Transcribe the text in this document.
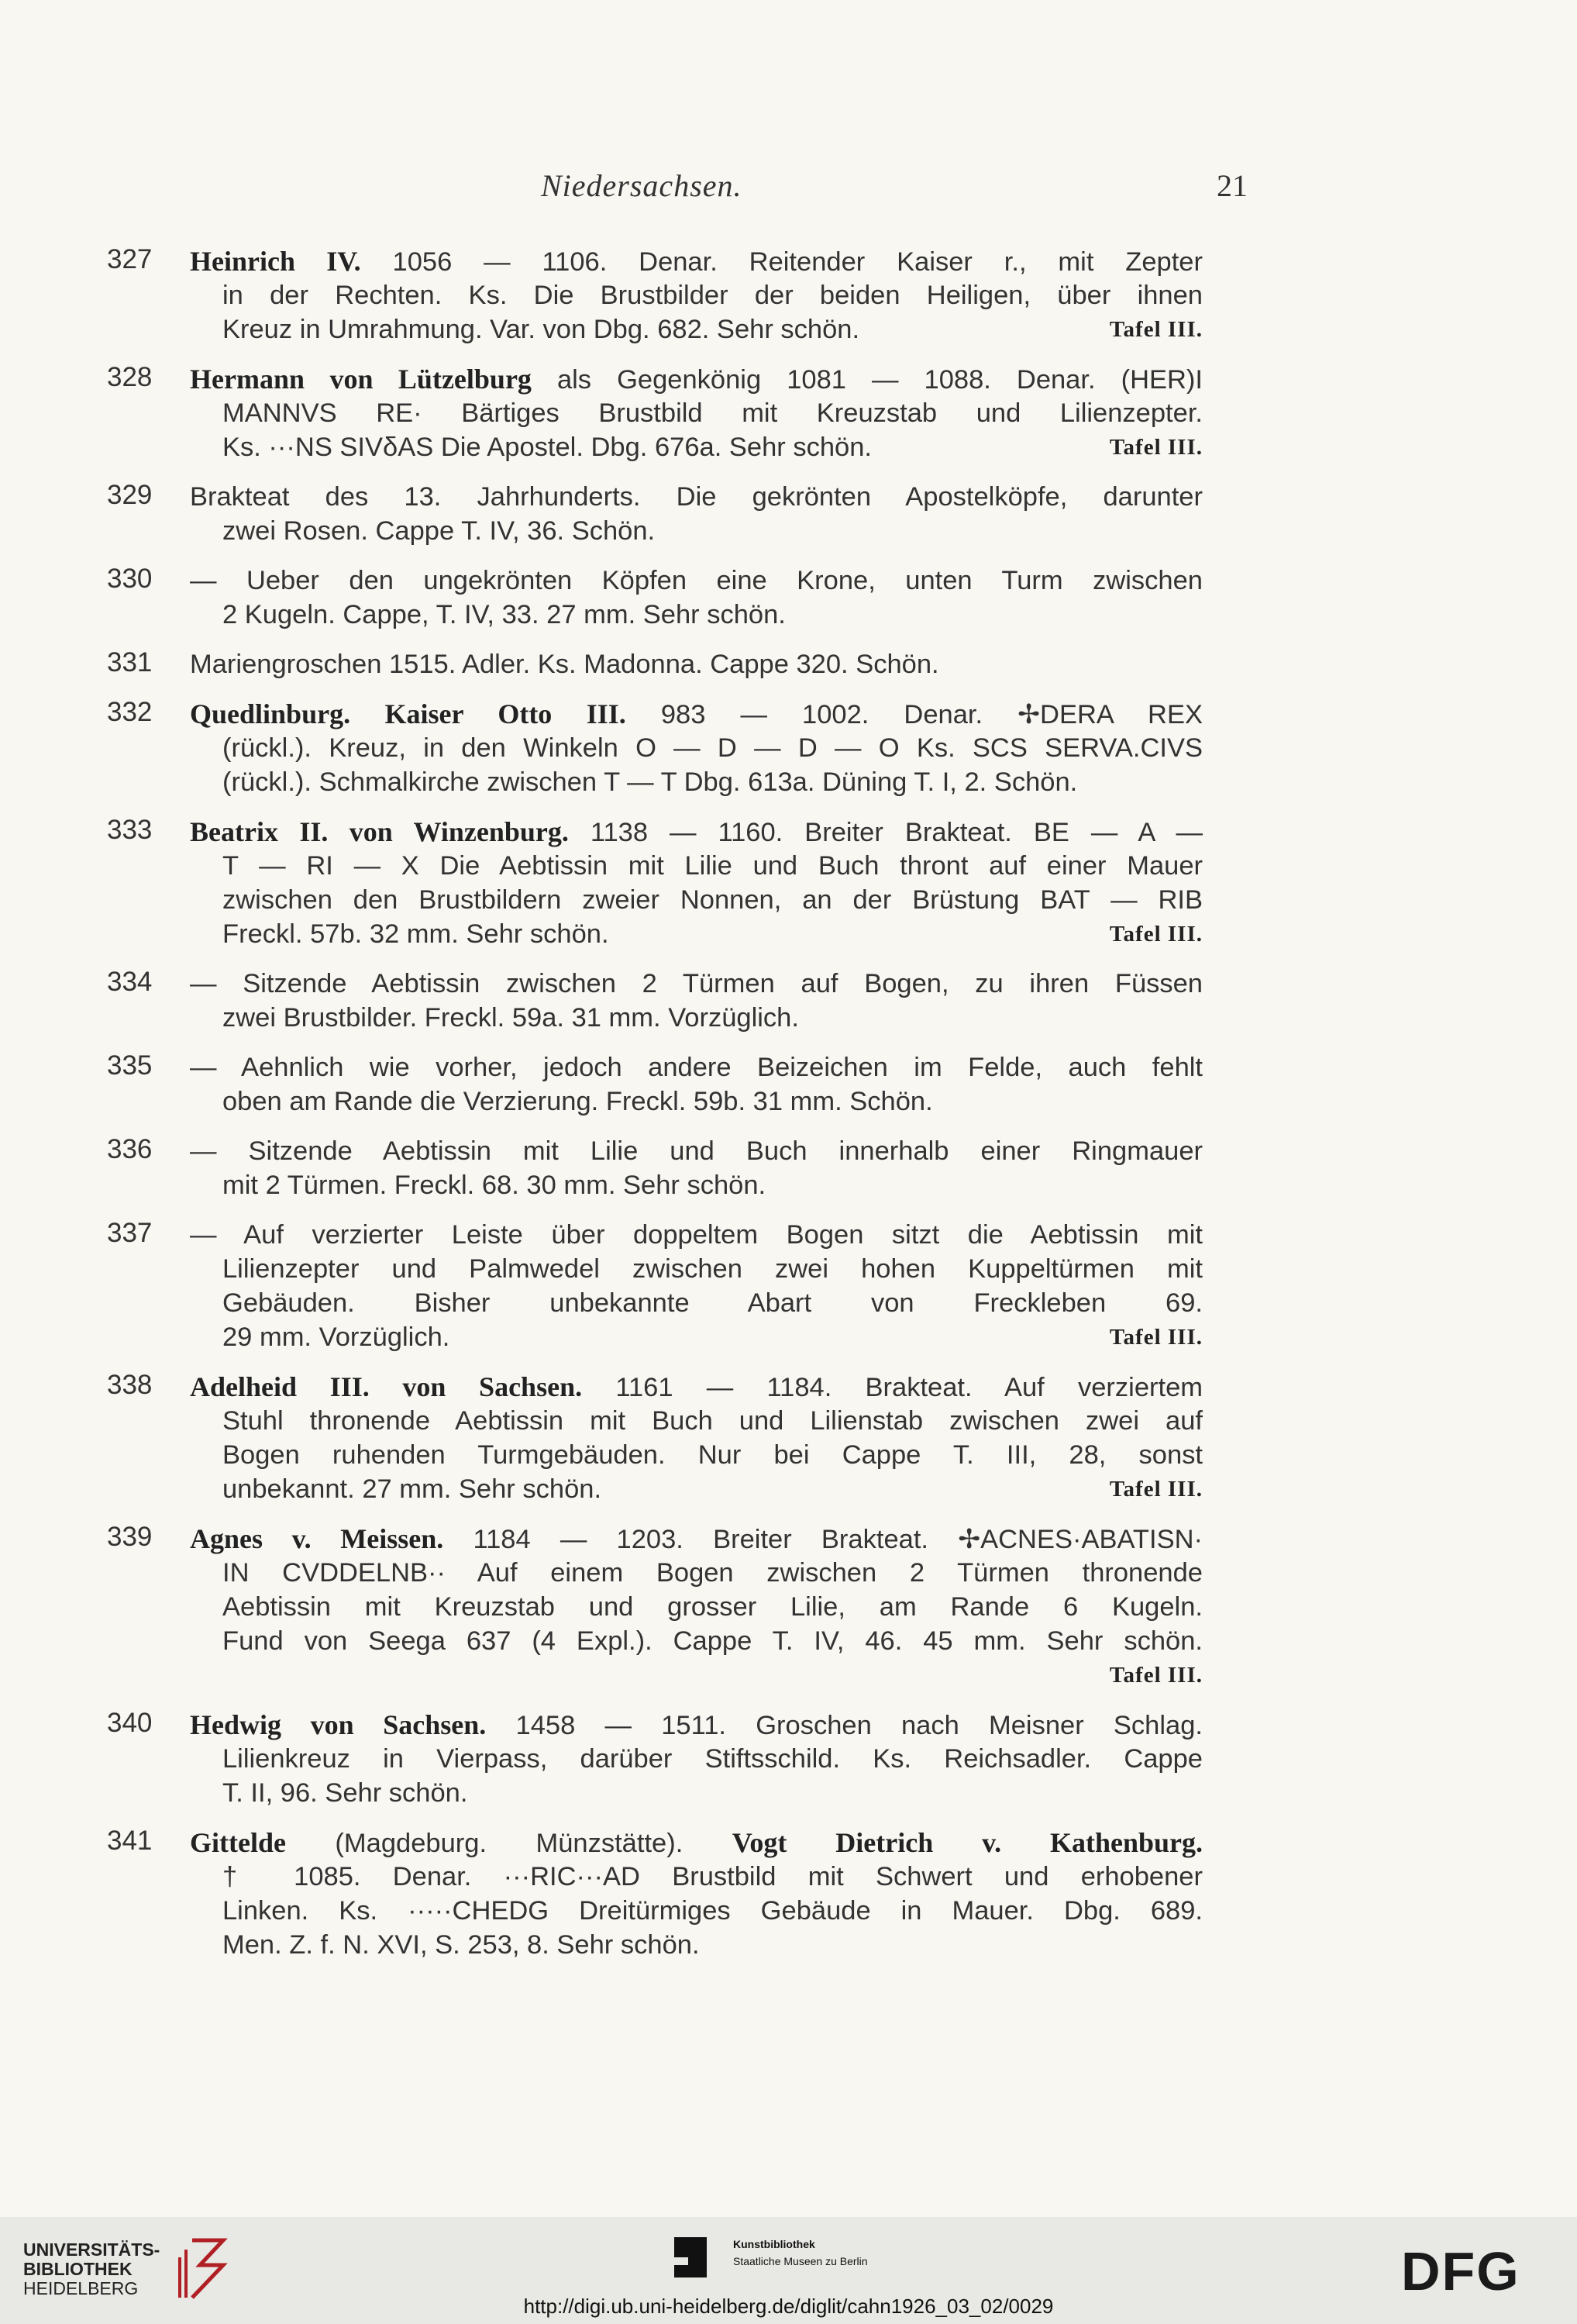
Niedersachsen.	21
327 Heinrich IV. 1056 — 1106. Denar. Reitender Kaiser r., mit Zepter
in der Rechten. Ks. Die Brustbilder der beiden Heiligen, über ihnen
Kreuz in Umrahmung. Var. von Dbg. 682. Sehr schön.	Tafel III.
328 Hermann von Lützelburg als Gegenkönig 1081 — 1088. Denar. (HER)I
MANNVS RE· Bärtiges Brustbild mit Kreuzstab und Lilienzepter.
Ks. ···NS SIVδAS Die Apostel. Dbg. 676a. Sehr schön.	Tafel III.
329 Brakteat des 13. Jahrhunderts. Die gekrönten Apostelköpfe, darunter
zwei Rosen. Cappe T. IV, 36. Schön.
330 — Ueber den ungekrönten Köpfen eine Krone, unten Turm zwischen
2 Kugeln. Cappe, T. IV, 33. 27 mm. Sehr schön.
331 Mariengroschen 1515. Adler. Ks. Madonna. Cappe 320. Schön.
332 Quedlinburg. Kaiser Otto III. 983 — 1002. Denar. ✢DERA REX
(rückl.). Kreuz, in den Winkeln O — D — D — O Ks. SCS SERVA.CIVS
(rückl.). Schmalkirche zwischen T — T Dbg. 613a. Düning T. I, 2. Schön.
333 Beatrix II. von Winzenburg. 1138 — 1160. Breiter Brakteat. BE — A —
T — RI — X Die Aebtissin mit Lilie und Buch thront auf einer Mauer
zwischen den Brustbildern zweier Nonnen, an der Brüstung BAT — RIB
Freckl. 57b. 32 mm. Sehr schön.	Tafel III.
334 — Sitzende Aebtissin zwischen 2 Türmen auf Bogen, zu ihren Füssen
zwei Brustbilder. Freckl. 59a. 31 mm. Vorzüglich.
335 — Aehnlich wie vorher, jedoch andere Beizeichen im Felde, auch fehlt
oben am Rande die Verzierung. Freckl. 59b. 31 mm. Schön.
336 — Sitzende Aebtissin mit Lilie und Buch innerhalb einer Ringmauer
mit 2 Türmen. Freckl. 68. 30 mm. Sehr schön.
337 — Auf verzierter Leiste über doppeltem Bogen sitzt die Aebtissin mit
Lilienzepter und Palmwedel zwischen zwei hohen Kuppeltürmen mit
Gebäuden. Bisher unbekannte Abart von Freckleben 69.
29 mm. Vorzüglich.	Tafel III.
338 Adelheid III. von Sachsen. 1161 — 1184. Brakteat. Auf verziertem
Stuhl thronende Aebtissin mit Buch und Lilienstab zwischen zwei auf
Bogen ruhenden Turmgebäuden. Nur bei Cappe T. III, 28, sonst
unbekannt. 27 mm. Sehr schön.	Tafel III.
339 Agnes v. Meissen. 1184 — 1203. Breiter Brakteat. ✢ACNES·ABATISN·
IN CVDDELNB·· Auf einem Bogen zwischen 2 Türmen thronende
Aebtissin mit Kreuzstab und grosser Lilie, am Rande 6 Kugeln.
Fund von Seega 637 (4 Expl.). Cappe T. IV, 46. 45 mm. Sehr schön.
Tafel III.
340 Hedwig von Sachsen. 1458 — 1511. Groschen nach Meisner Schlag.
Lilienkreuz in Vierpass, darüber Stiftsschild. Ks. Reichsadler. Cappe
T. II, 96. Sehr schön.
341 Gittelde (Magdeburg. Münzstätte). Vogt Dietrich v. Kathenburg.
† 1085. Denar. ···RIC···AD Brustbild mit Schwert und erhobener
Linken. Ks. ·····CHEDG Dreitürmiges Gebäude in Mauer. Dbg. 689.
Men. Z. f. N. XVI, S. 253, 8. Sehr schön.
UNIVERSITÄTS-
BIBLIOTHEK
HEIDELBERG
Kunstbibliothek
Staatliche Museen zu Berlin	DFG
http://digi.ub.uni-heidelberg.de/diglit/cahn1926_03_02/0029
